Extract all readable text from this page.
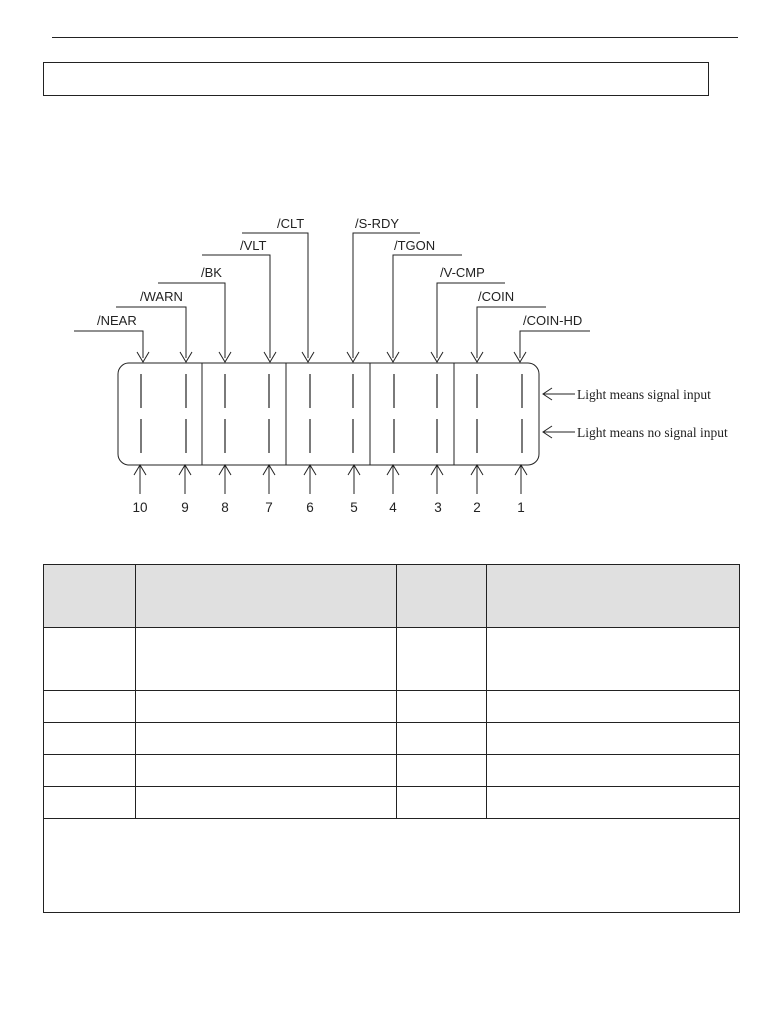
/NEAR
/WARN
/BK
/VLT
/CLT	/S-RDY
/TGON
/V-CMP
/COIN
/COIN-HD
10 9 8	7 6	5 4	3 2	1
Light means signal input
Light means no signal input
